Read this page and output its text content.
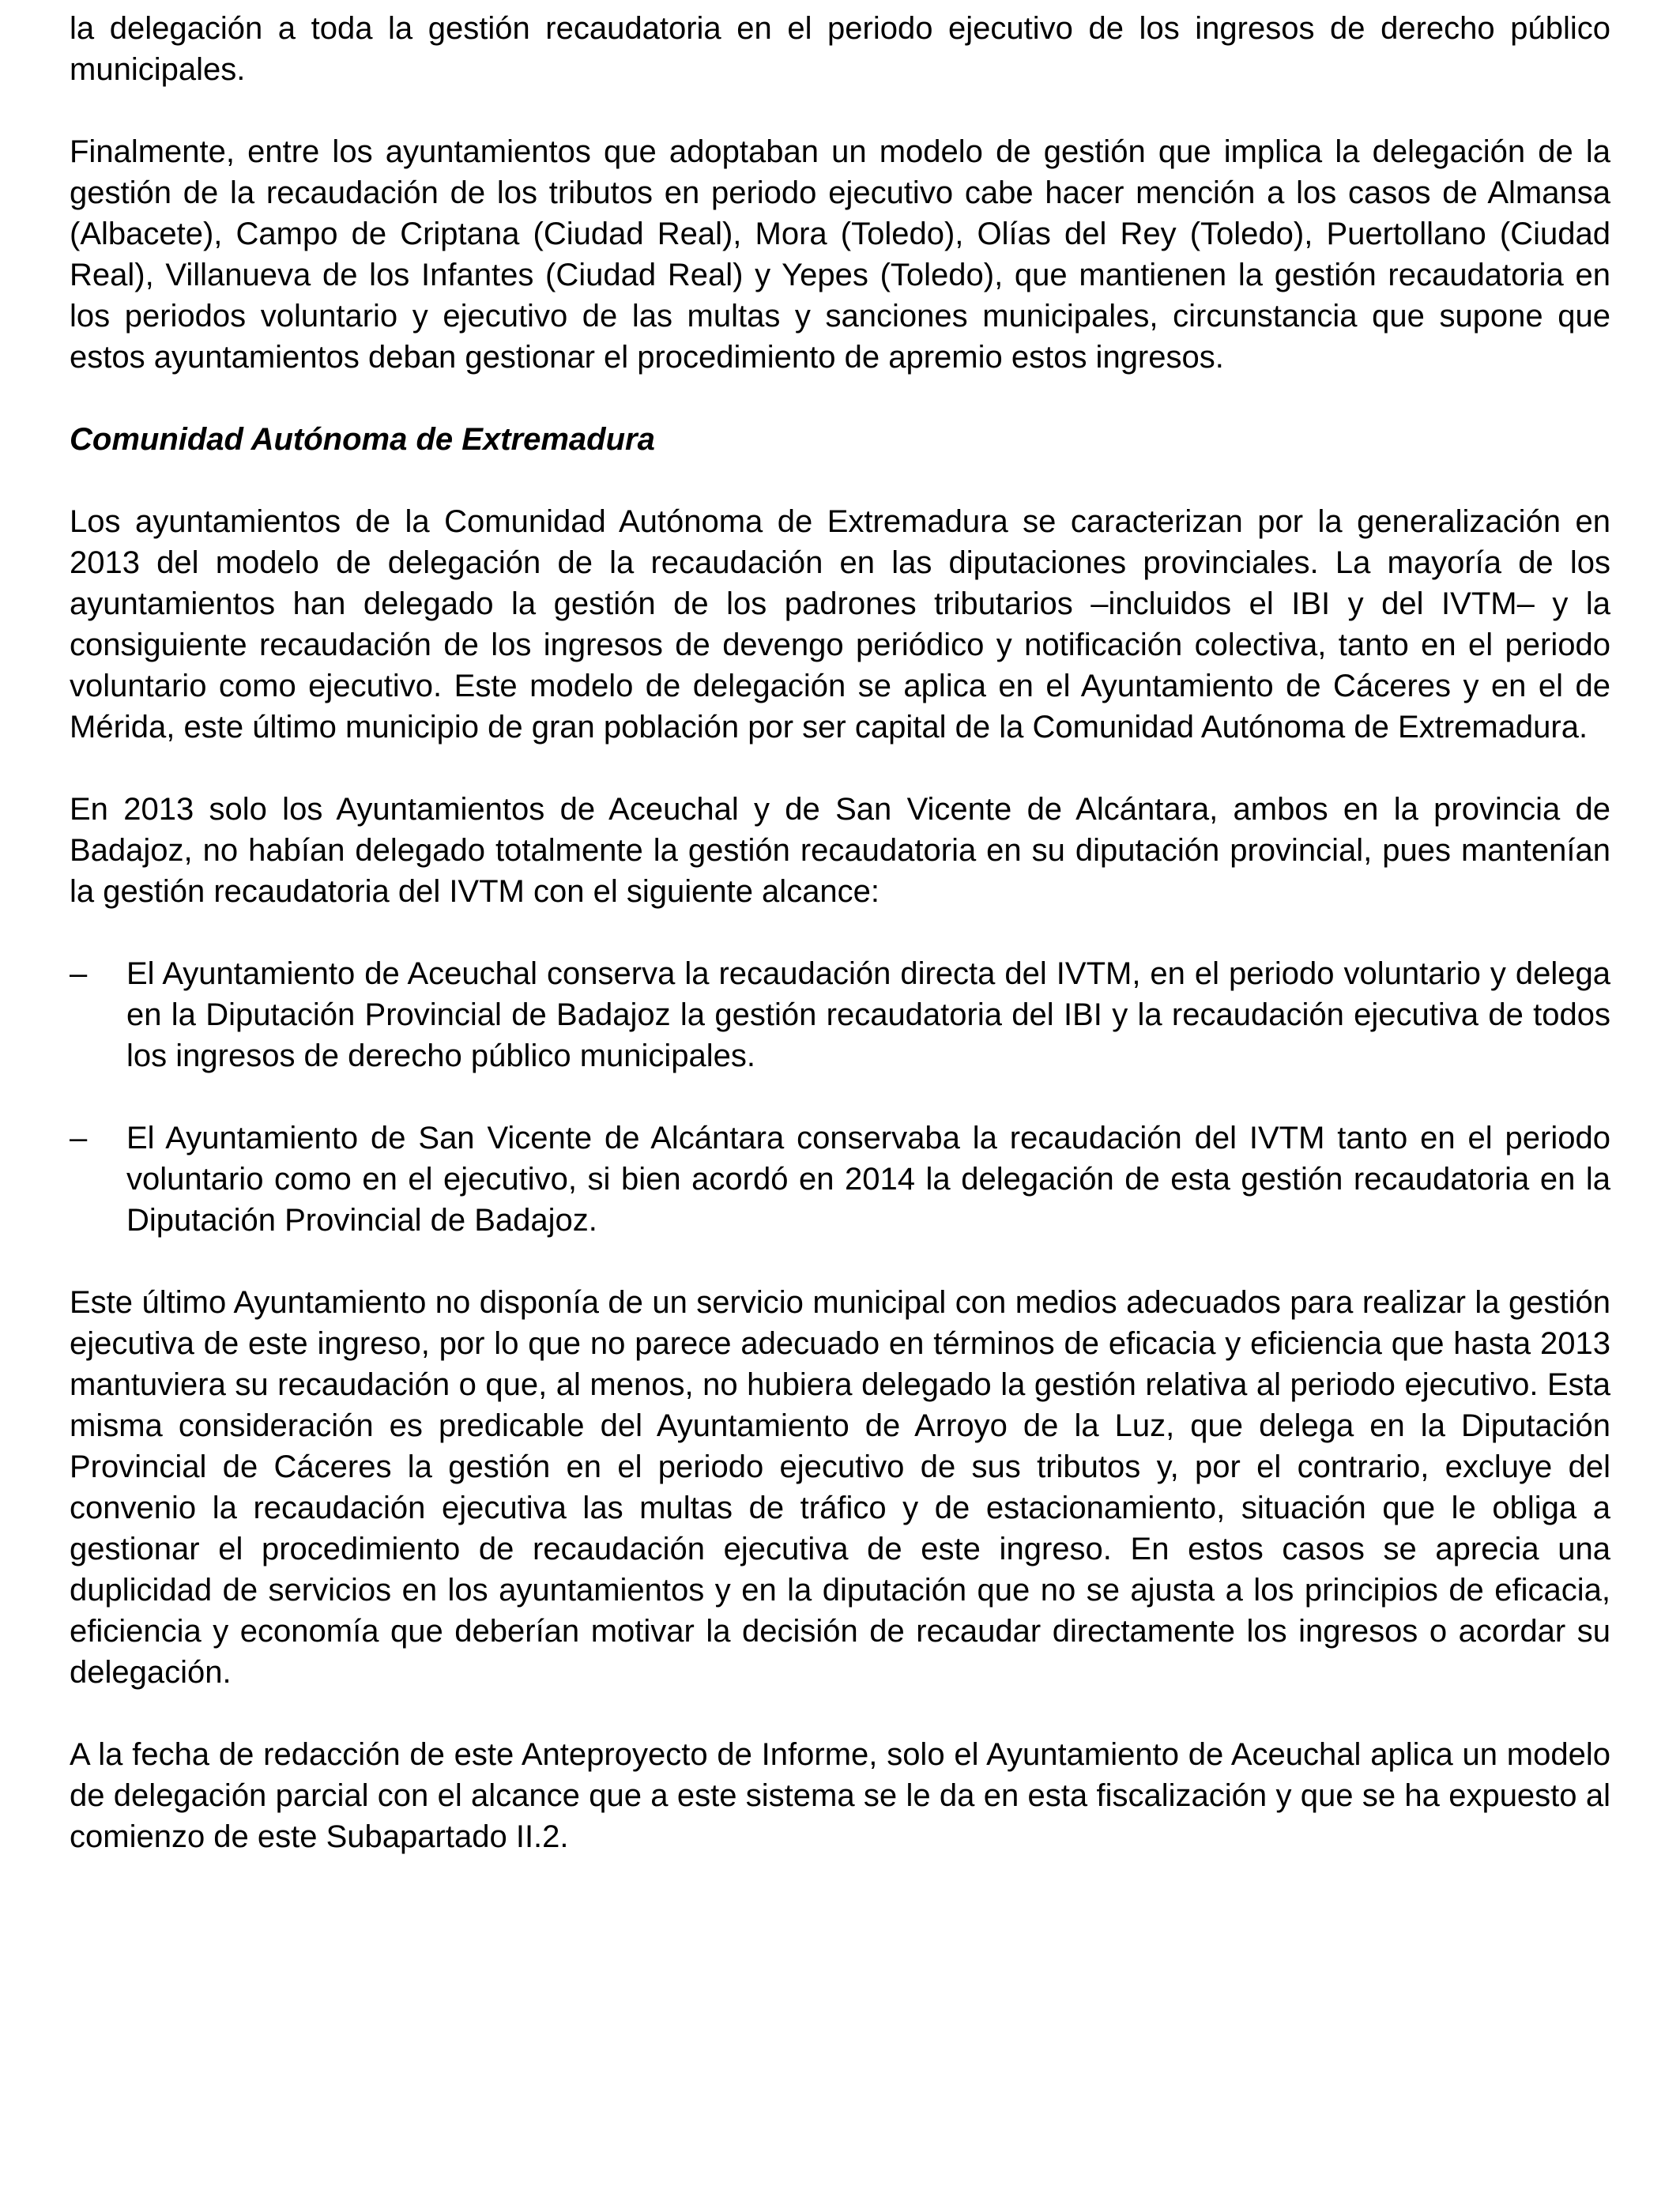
la delegación a toda la gestión recaudatoria en el periodo ejecutivo de los ingresos de derecho público municipales.

Finalmente, entre los ayuntamientos que adoptaban un modelo de gestión que implica la delegación de la gestión de la recaudación de los tributos en periodo ejecutivo cabe hacer mención a los casos de Almansa (Albacete), Campo de Criptana (Ciudad Real), Mora (Toledo), Olías del Rey (Toledo), Puertollano (Ciudad Real), Villanueva de los Infantes (Ciudad Real) y Yepes (Toledo), que mantienen la gestión recaudatoria en los periodos voluntario y ejecutivo de las multas y sanciones municipales, circunstancia que supone que estos ayuntamientos deban gestionar el procedimiento de apremio estos ingresos.

Comunidad Autónoma de Extremadura

Los ayuntamientos de la Comunidad Autónoma de Extremadura se caracterizan por la generalización en 2013 del modelo de delegación de la recaudación en las diputaciones provinciales. La mayoría de los ayuntamientos han delegado la gestión de los padrones tributarios –incluidos el IBI y del IVTM– y la consiguiente recaudación de los ingresos de devengo periódico y notificación colectiva, tanto en el periodo voluntario como ejecutivo. Este modelo de delegación se aplica en el Ayuntamiento de Cáceres y en el de Mérida, este último municipio de gran población por ser capital de la Comunidad Autónoma de Extremadura.

En 2013 solo los Ayuntamientos de Aceuchal y de San Vicente de Alcántara, ambos en la provincia de Badajoz, no habían delegado totalmente la gestión recaudatoria en su diputación provincial, pues mantenían la gestión recaudatoria del IVTM con el siguiente alcance:

–	El Ayuntamiento de Aceuchal conserva la recaudación directa del IVTM, en el periodo voluntario y delega en la Diputación Provincial de Badajoz la gestión recaudatoria del IBI y la recaudación ejecutiva de todos los ingresos de derecho público municipales.

–	El Ayuntamiento de San Vicente de Alcántara conservaba la recaudación del IVTM tanto en el periodo voluntario como en el ejecutivo, si bien acordó en 2014 la delegación de esta gestión recaudatoria en la Diputación Provincial de Badajoz.

Este último Ayuntamiento no disponía de un servicio municipal con medios adecuados para realizar la gestión ejecutiva de este ingreso, por lo que no parece adecuado en términos de eficacia y eficiencia que hasta 2013 mantuviera su recaudación o que, al menos, no hubiera delegado la gestión relativa al periodo ejecutivo. Esta misma consideración es predicable del Ayuntamiento de Arroyo de la Luz, que delega en la Diputación Provincial de Cáceres la gestión en el periodo ejecutivo de sus tributos y, por el contrario, excluye del convenio la recaudación ejecutiva las multas de tráfico y de estacionamiento, situación que le obliga a gestionar el procedimiento de recaudación ejecutiva de este ingreso. En estos casos se aprecia una duplicidad de servicios en los ayuntamientos y en la diputación que no se ajusta a los principios de eficacia, eficiencia y economía que deberían motivar la decisión de recaudar directamente los ingresos o acordar su delegación.

A la fecha de redacción de este Anteproyecto de Informe, solo el Ayuntamiento de Aceuchal aplica un modelo de delegación parcial con el alcance que a este sistema se le da en esta fiscalización y que se ha expuesto al comienzo de este Subapartado II.2.
